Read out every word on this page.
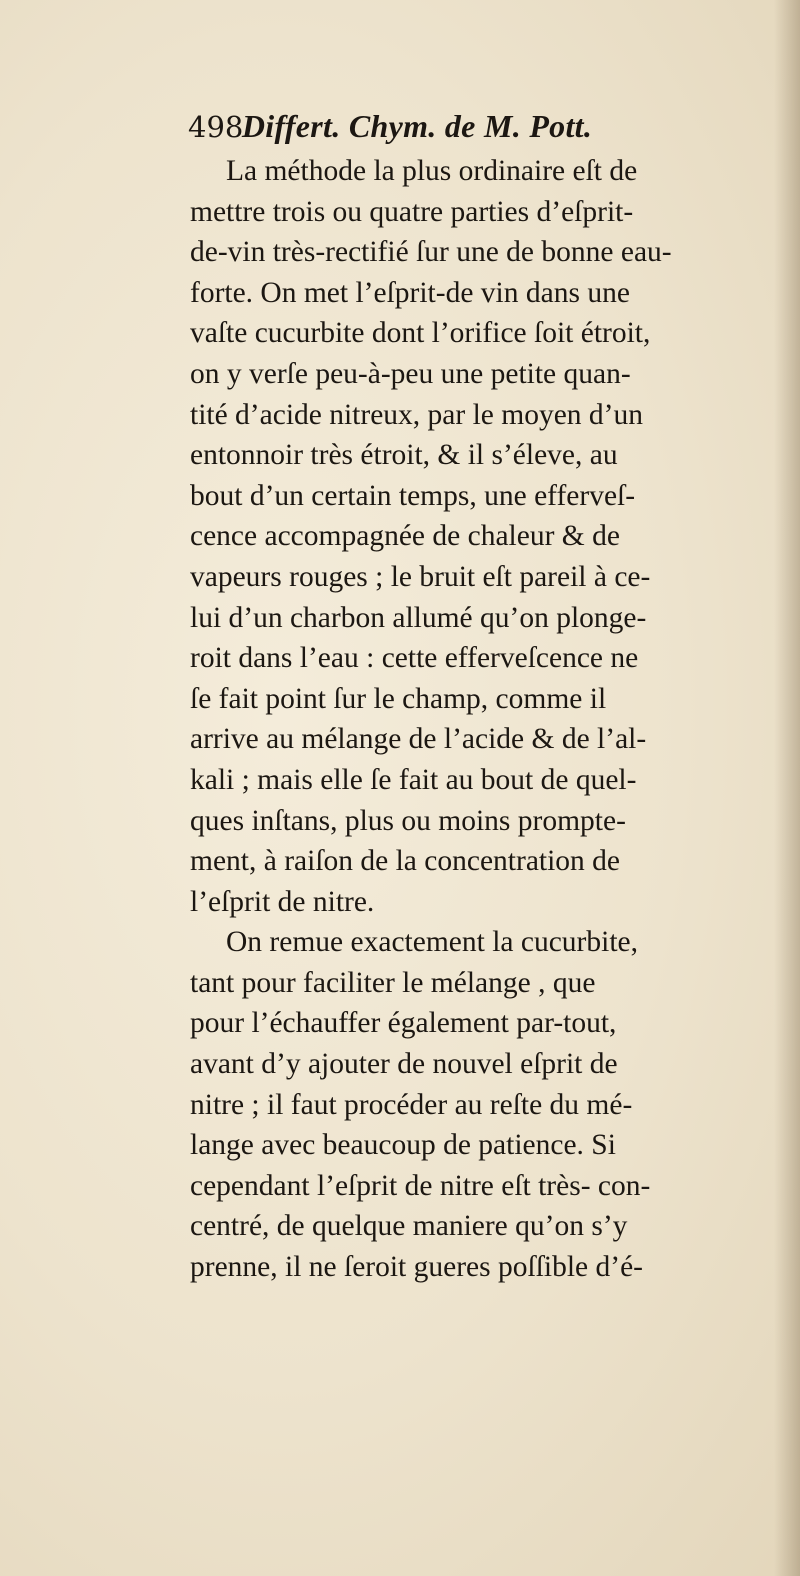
498 Differt. Chym. de M. Pott.
La méthode la plus ordinaire eſt de
mettre trois ou quatre parties d’eſprit-
de-vin très-rectifié ſur une de bonne eau-
forte. On met l’eſprit-de vin dans une
vaſte cucurbite dont l’orifice ſoit étroit,
on y verſe peu-à-peu une petite quan-
tité d’acide nitreux, par le moyen d’un
entonnoir très étroit, & il s’éleve, au
bout d’un certain temps, une efferveſ-
cence accompagnée de chaleur & de
vapeurs rouges ; le bruit eſt pareil à ce-
lui d’un charbon allumé qu’on plonge-
roit dans l’eau : cette efferveſcence ne
ſe fait point ſur le champ, comme il
arrive au mélange de l’acide & de l’al-
kali ; mais elle ſe fait au bout de quel-
ques inſtans, plus ou moins prompte-
ment, à raiſon de la concentration de
l’eſprit de nitre.
On remue exactement la cucurbite,
tant pour faciliter le mélange , que
pour l’échauffer également par-tout,
avant d’y ajouter de nouvel eſprit de
nitre ; il faut procéder au reſte du mé-
lange avec beaucoup de patience. Si
cependant l’eſprit de nitre eſt très- con-
centré, de quelque maniere qu’on s’y
prenne, il ne ſeroit gueres poſſible d’é-
